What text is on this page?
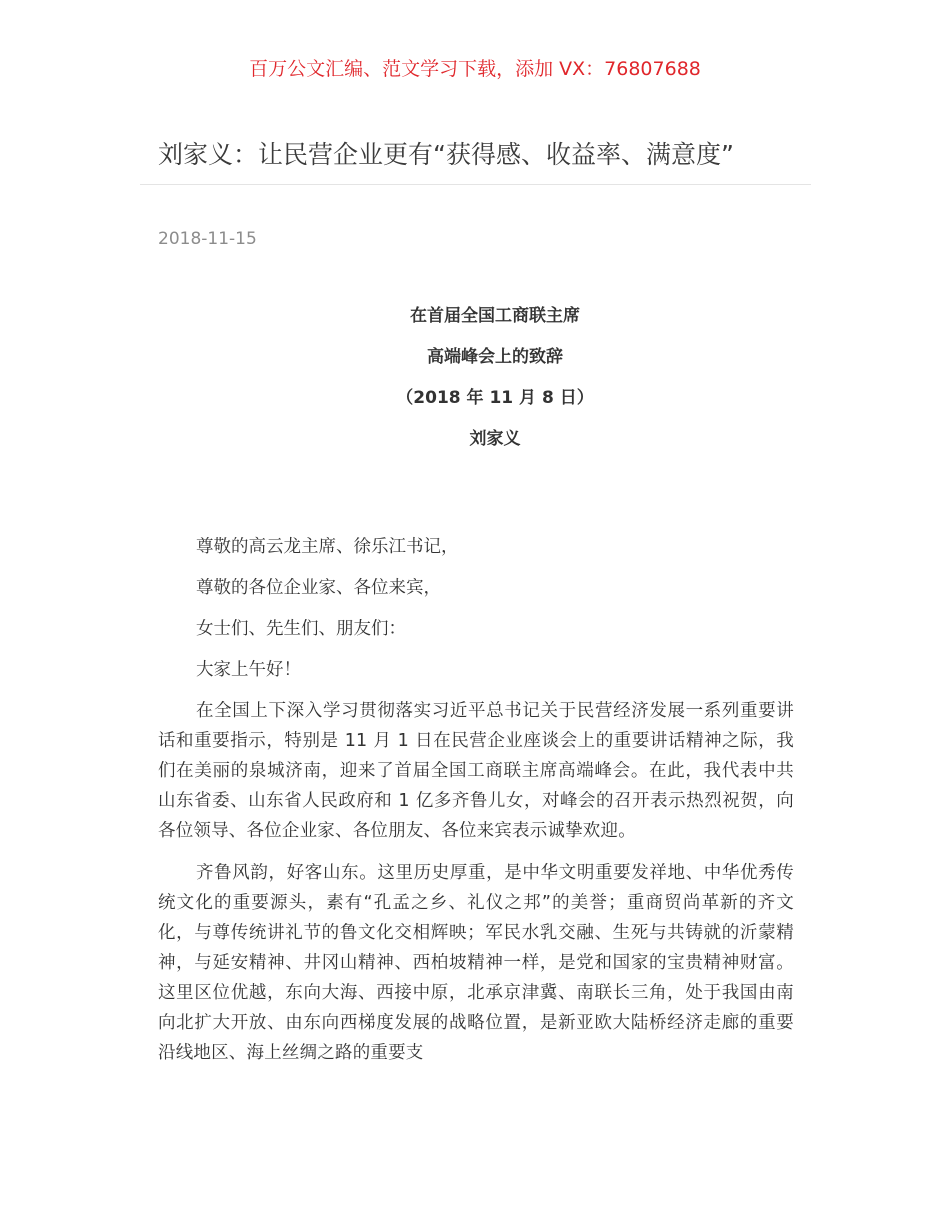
百万公文汇编、范文学习下载，添加 VX：76807688
刘家义：让民营企业更有“获得感、收益率、满意度”
2018-11-15
在首届全国工商联主席
高端峰会上的致辞
（2018 年 11 月 8 日）
刘家义

尊敬的高云龙主席、徐乐江书记，

尊敬的各位企业家、各位来宾，

女士们、先生们、朋友们：

大家上午好！

在全国上下深入学习贯彻落实习近平总书记关于民营经济发展一系列重要讲话和重要指示，特别是 11 月 1 日在民营企业座谈会上的重要讲话精神之际，我们在美丽的泉城济南，迎来了首届全国工商联主席高端峰会。在此，我代表中共山东省委、山东省人民政府和 1 亿多齐鲁儿女，对峰会的召开表示热烈祝贺，向各位领导、各位企业家、各位朋友、各位来宾表示诚挚欢迎。

齐鲁风韵，好客山东。这里历史厚重，是中华文明重要发祥地、中华优秀传统文化的重要源头，素有“孔孟之乡、礼仪之邦”的美誉；重商贸尚革新的齐文化，与尊传统讲礼节的鲁文化交相辉映；军民水乳交融、生死与共铸就的沂蒙精神，与延安精神、井冈山精神、西柏坡精神一样，是党和国家的宝贵精神财富。这里区位优越，东向大海、西接中原，北承京津冀、南联长三角，处于我国由南向北扩大开放、由东向西梯度发展的战略位置，是新亚欧大陆桥经济走廊的重要沿线地区、海上丝绸之路的重要支
